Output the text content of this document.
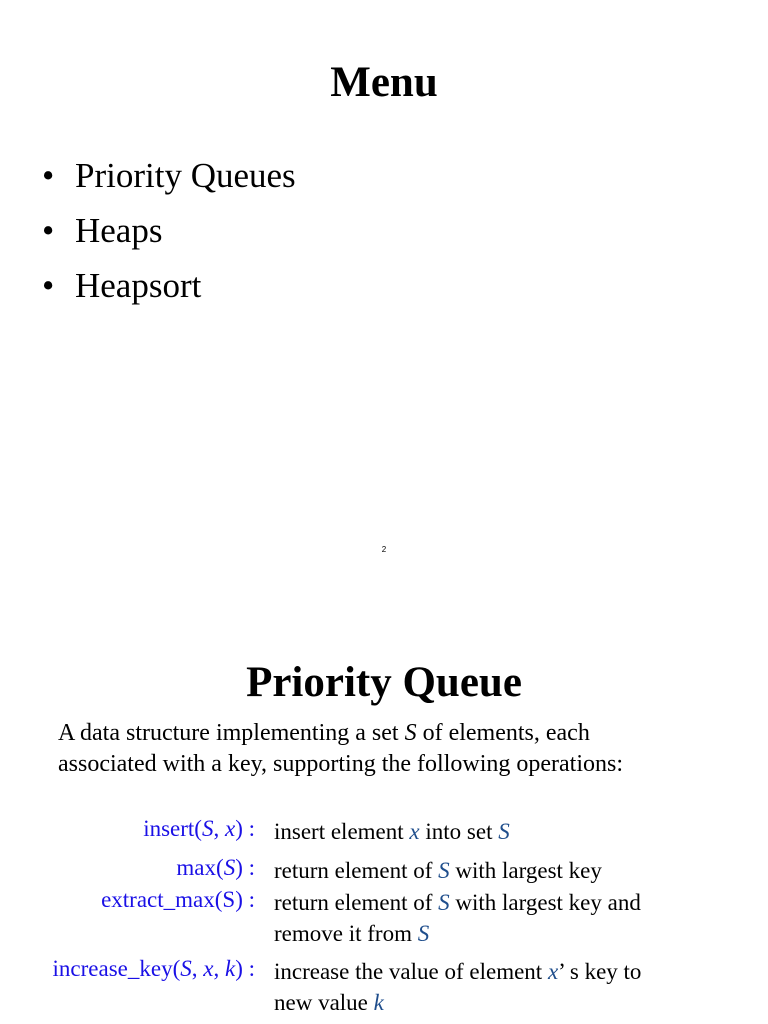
Menu
• Priority Queues
• Heaps
• Heapsort
2
Priority Queue

A data structure implementing a set S of elements, each
associated with a key, supporting the following operations:

insert(S, x) : insert element x into set S
max(S) : return element of S with largest key
extract_max(S) : return element of S with largest key and
remove it from S
increase_key(S, x, k) : increase the value of element x’ s key to
new value k
